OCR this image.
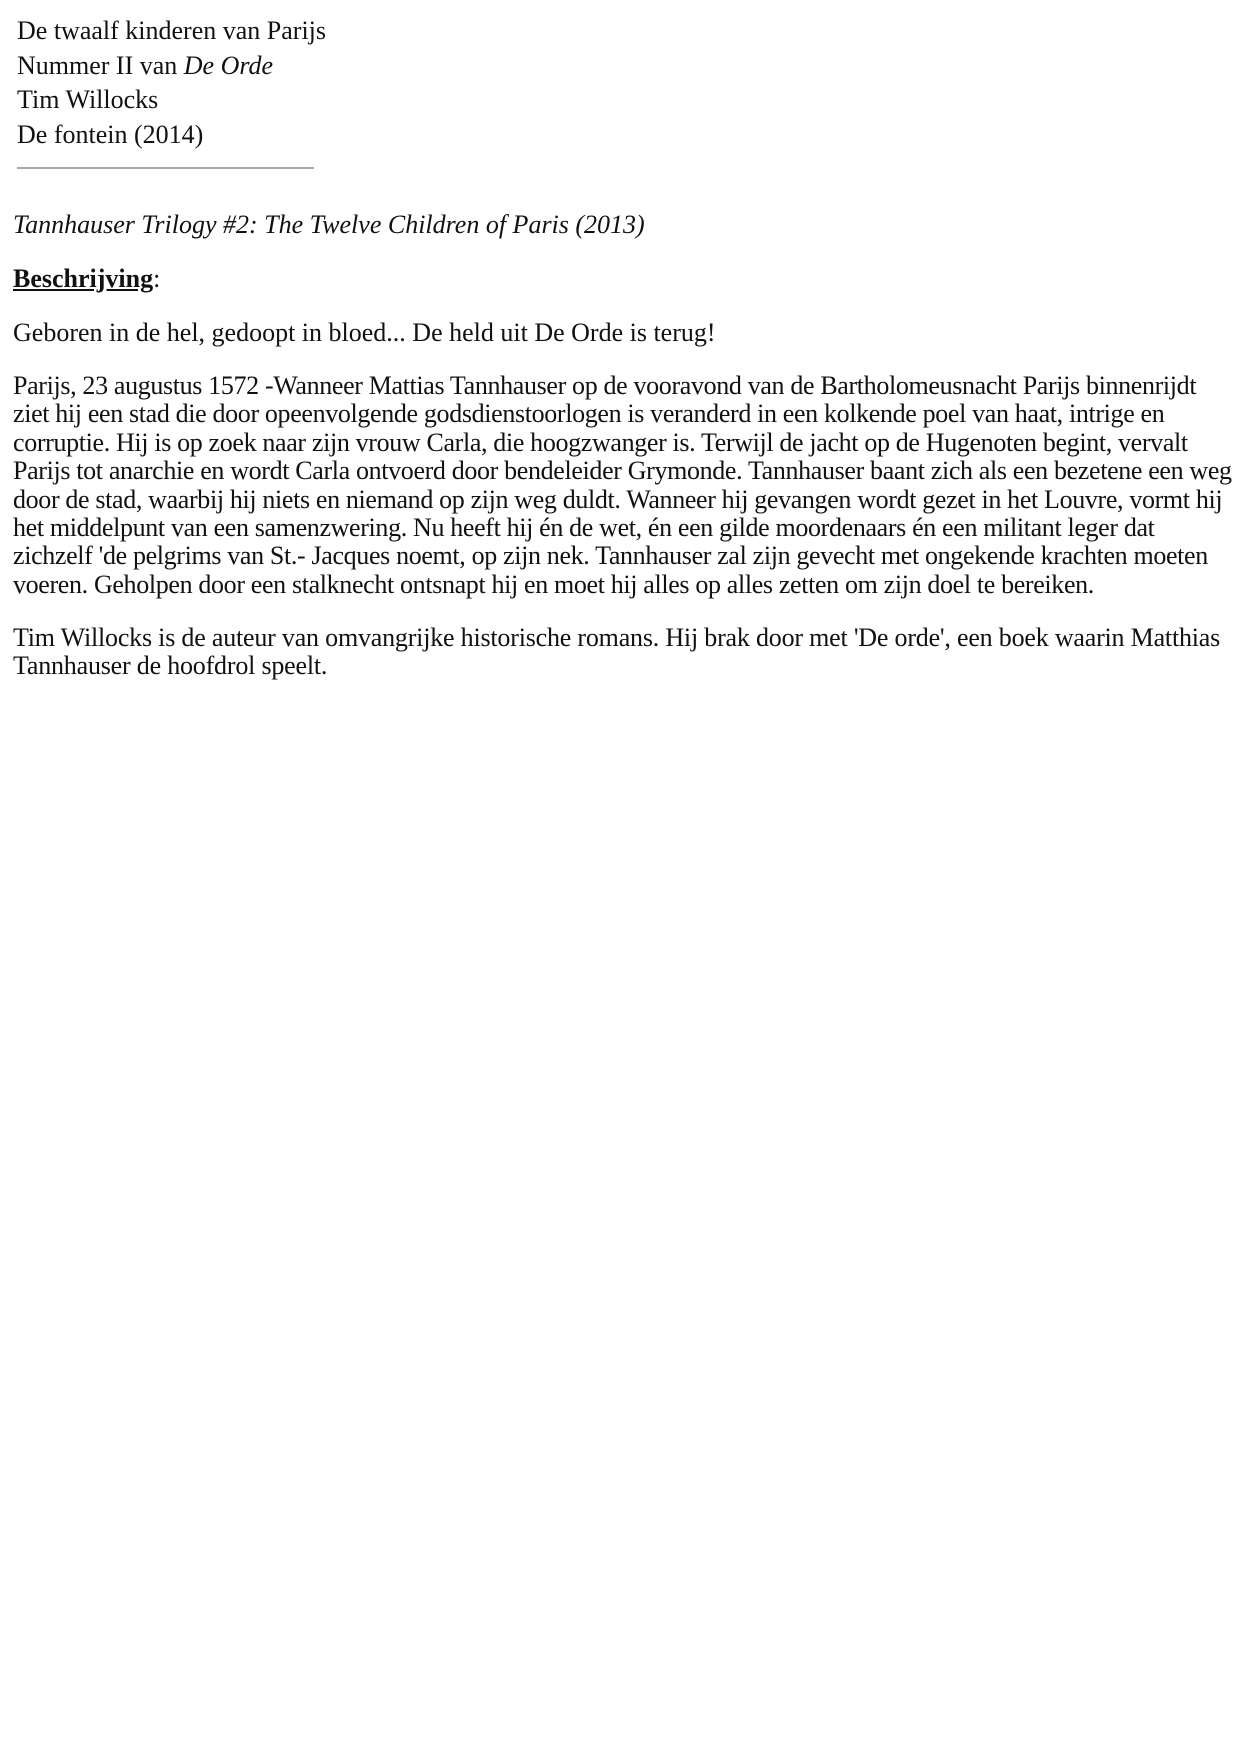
De twaalf kinderen van Parijs
Nummer II van De Orde
Tim Willocks
De fontein (2014)
Tannhauser Trilogy #2: The Twelve Children of Paris (2013)
Beschrijving:
Geboren in de hel, gedoopt in bloed... De held uit De Orde is terug!

Parijs, 23 augustus 1572 -Wanneer Mattias Tannhauser op de vooravond van de Bartholomeusnacht Parijs binnenrijdt
ziet hij een stad die door opeenvolgende godsdienstoorlogen is veranderd in een kolkende poel van haat, intrige en
corruptie. Hij is op zoek naar zijn vrouw Carla, die hoogzwanger is. Terwijl de jacht op de Hugenoten begint, vervalt
Parijs tot anarchie en wordt Carla ontvoerd door bendeleider Grymonde. Tannhauser baant zich als een bezetene een weg
door de stad, waarbij hij niets en niemand op zijn weg duldt. Wanneer hij gevangen wordt gezet in het Louvre, vormt hij
het middelpunt van een samenzwering. Nu heeft hij én de wet, én een gilde moordenaars én een militant leger dat
zichzelf 'de pelgrims van St.- Jacques noemt, op zijn nek. Tannhauser zal zijn gevecht met ongekende krachten moeten
voeren. Geholpen door een stalknecht ontsnapt hij en moet hij alles op alles zetten om zijn doel te bereiken.

Tim Willocks is de auteur van omvangrijke historische romans. Hij brak door met 'De orde', een boek waarin Matthias
Tannhauser de hoofdrol speelt.
